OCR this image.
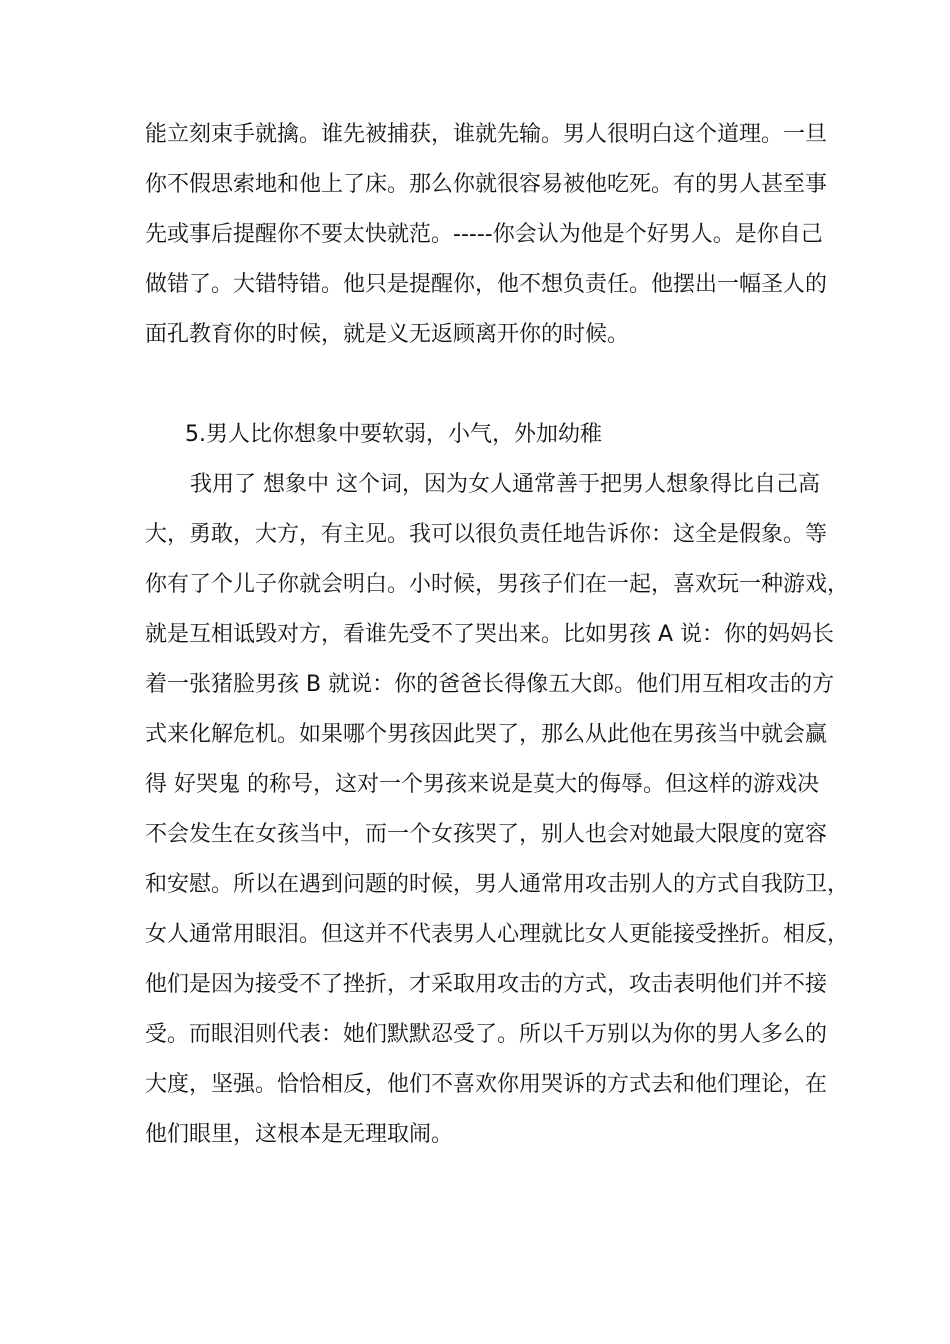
能立刻束手就擒。谁先被捕获，谁就先输。男人很明白这个道理。一旦
你不假思索地和他上了床。那么你就很容易被他吃死。有的男人甚至事
先或事后提醒你不要太快就范。-----你会认为他是个好男人。是你自己
做错了。大错特错。他只是提醒你，他不想负责任。他摆出一幅圣人的
面孔教育你的时候，就是义无返顾离开你的时候。
5.男人比你想象中要软弱，小气，外加幼稚
我用了 想象中 这个词，因为女人通常善于把男人想象得比自己高
大，勇敢，大方，有主见。我可以很负责任地告诉你：这全是假象。等
你有了个儿子你就会明白。小时候，男孩子们在一起，喜欢玩一种游戏，
就是互相诋毁对方，看谁先受不了哭出来。比如男孩 A 说：你的妈妈长
着一张猪脸男孩 B 就说：你的爸爸长得像五大郎。他们用互相攻击的方
式来化解危机。如果哪个男孩因此哭了，那么从此他在男孩当中就会赢
得 好哭鬼 的称号，这对一个男孩来说是莫大的侮辱。但这样的游戏决
不会发生在女孩当中，而一个女孩哭了，别人也会对她最大限度的宽容
和安慰。所以在遇到问题的时候，男人通常用攻击别人的方式自我防卫，
女人通常用眼泪。但这并不代表男人心理就比女人更能接受挫折。相反，
他们是因为接受不了挫折，才采取用攻击的方式，攻击表明他们并不接
受。而眼泪则代表：她们默默忍受了。所以千万别以为你的男人多么的
大度，坚强。恰恰相反，他们不喜欢你用哭诉的方式去和他们理论，在
他们眼里，这根本是无理取闹。
